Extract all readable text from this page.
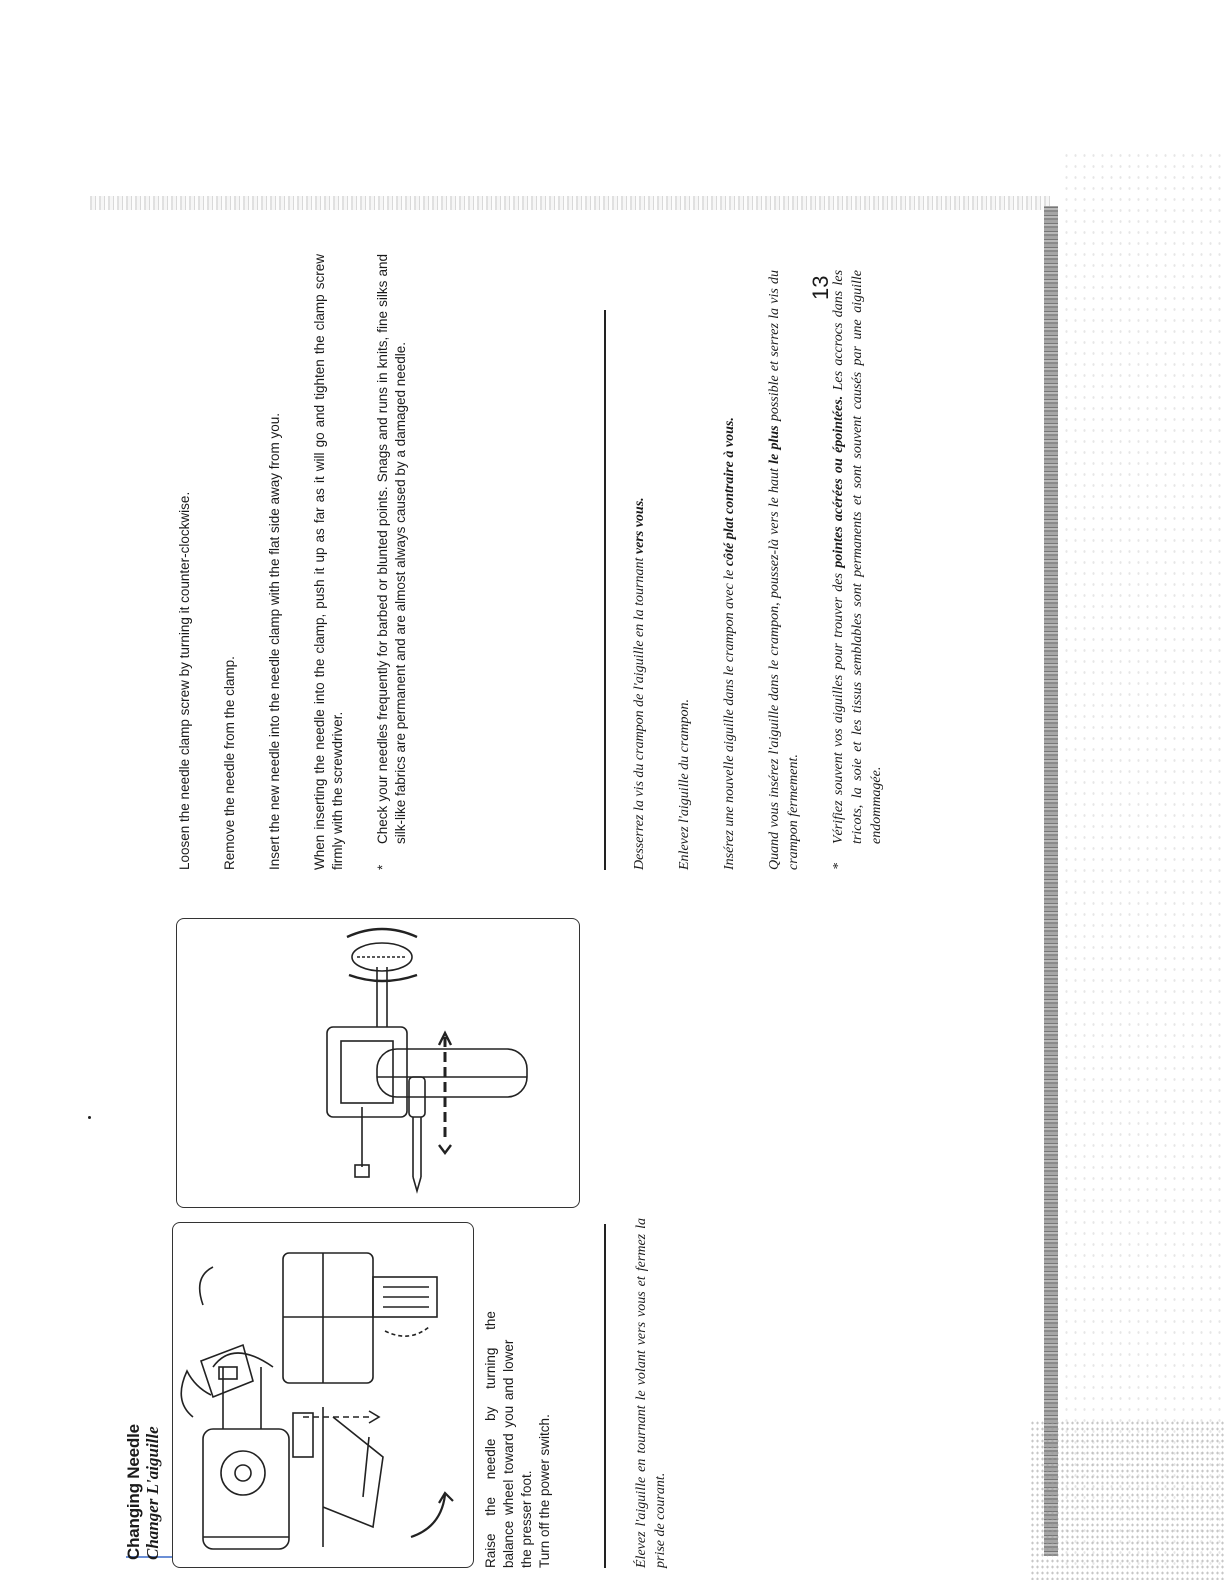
Changing Needle Changer L'aiguille	Raise the needle by turning the balance wheel toward you and lower the presser foot. Turn off the power switch.	Élevez l'aiguille en tournant le volant vers vous et fermez la prise de courant.

Loosen the needle clamp screw by turning it counter-clockwise. Remove the needle from the clamp. Insert the new needle into the needle clamp with the flat side away from you. When inserting the needle into the clamp, push it up as far as it will go and tighten the clamp screw firmly with the screwdriver. *
Check your needles frequently for barbed or blunted points. Snags and runs in knits, fine silks and silk-like fabrics are permanent and are almost always caused by a damaged needle.	Desserrez la vis du crampon de l'aiguille en la tournant vers vous.

Enlevez l'aiguille du crampon. Insérez une nouvelle aiguille dans le crampon avec le côté plat contraire à vous. Quand vous insérez l'aiguille dans le crampon, poussez-là vers le haut le plus possible et serrez la vis du crampon fermement. *
Vérifiez souvent vos aiguilles pour trouver des pointes acérées ou épointées. Les accrocs dans les tricots, la soie et les tissus semblables sont permanents et sont souvent causés par une aiguille endommagée.
13
